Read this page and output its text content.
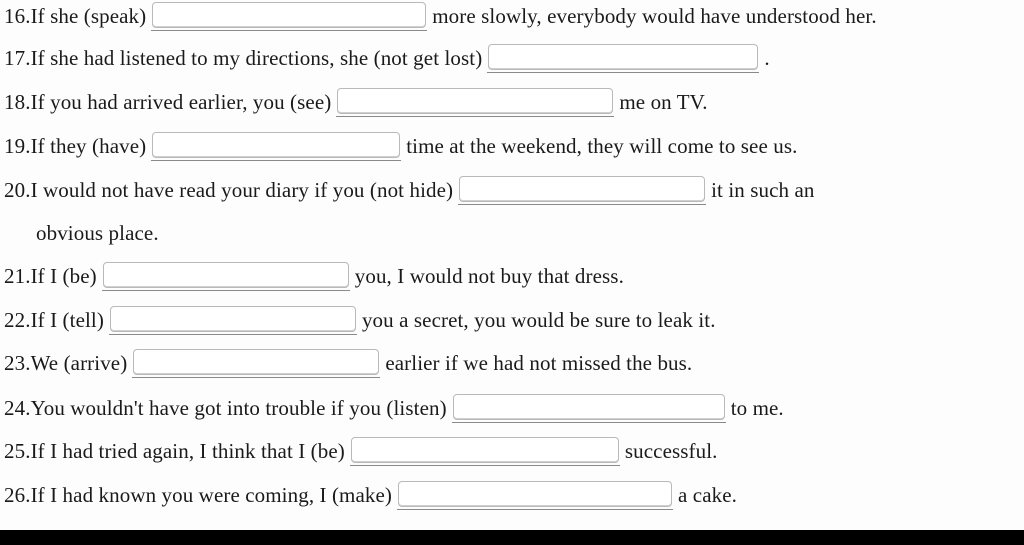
16. If she (speak)	more slowly, everybody would have understood her.
17. If she had listened to my directions, she (not get lost)	.
18. If you had arrived earlier, you (see)	me on TV.
19. If they (have)	time at the weekend, they will come to see us.
20. I would not have read your diary if you (not hide)	it in such an
obvious place.
21. If I (be)	you, I would not buy that dress.
22. If I (tell)	you a secret, you would be sure to leak it.
23. We (arrive)	earlier if we had not missed the bus.
24. You wouldn't have got into trouble if you (listen)	to me.
25. If I had tried again, I think that I (be)	successful.
26. If I had known you were coming, I (make)	a cake.
